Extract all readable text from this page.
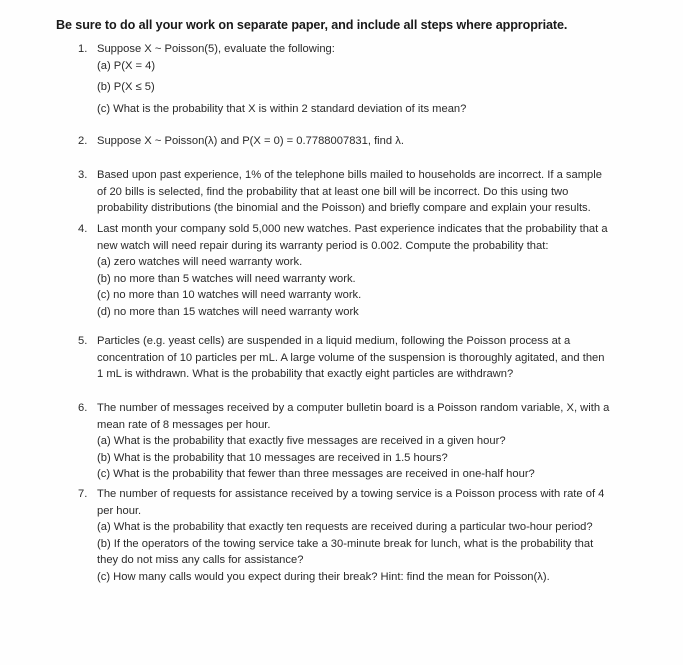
Be sure to do all your work on separate paper, and include all steps where appropriate.
1. Suppose X ~ Poisson(5), evaluate the following:
(a) P(X = 4)
(b) P(X ≤ 5)
(c) What is the probability that X is within 2 standard deviation of its mean?
2. Suppose X ~ Poisson(λ) and P(X = 0) = 0.7788007831, find λ.
3. Based upon past experience, 1% of the telephone bills mailed to households are incorrect. If a sample
of 20 bills is selected, find the probability that at least one bill will be incorrect. Do this using two
probability distributions (the binomial and the Poisson) and briefly compare and explain your results.
4. Last month your company sold 5,000 new watches. Past experience indicates that the probability that a
new watch will need repair during its warranty period is 0.002. Compute the probability that:
(a) zero watches will need warranty work.
(b) no more than 5 watches will need warranty work.
(c) no more than 10 watches will need warranty work.
(d) no more than 15 watches will need warranty work
5. Particles (e.g. yeast cells) are suspended in a liquid medium, following the Poisson process at a
concentration of 10 particles per mL. A large volume of the suspension is thoroughly agitated, and then
1 mL is withdrawn. What is the probability that exactly eight particles are withdrawn?
6. The number of messages received by a computer bulletin board is a Poisson random variable, X, with a
mean rate of 8 messages per hour.
(a) What is the probability that exactly five messages are received in a given hour?
(b) What is the probability that 10 messages are received in 1.5 hours?
(c) What is the probability that fewer than three messages are received in one-half hour?
7. The number of requests for assistance received by a towing service is a Poisson process with rate of 4
per hour.
(a) What is the probability that exactly ten requests are received during a particular two-hour period?
(b) If the operators of the towing service take a 30-minute break for lunch, what is the probability that
they do not miss any calls for assistance?
(c) How many calls would you expect during their break? Hint: find the mean for Poisson(λ).
